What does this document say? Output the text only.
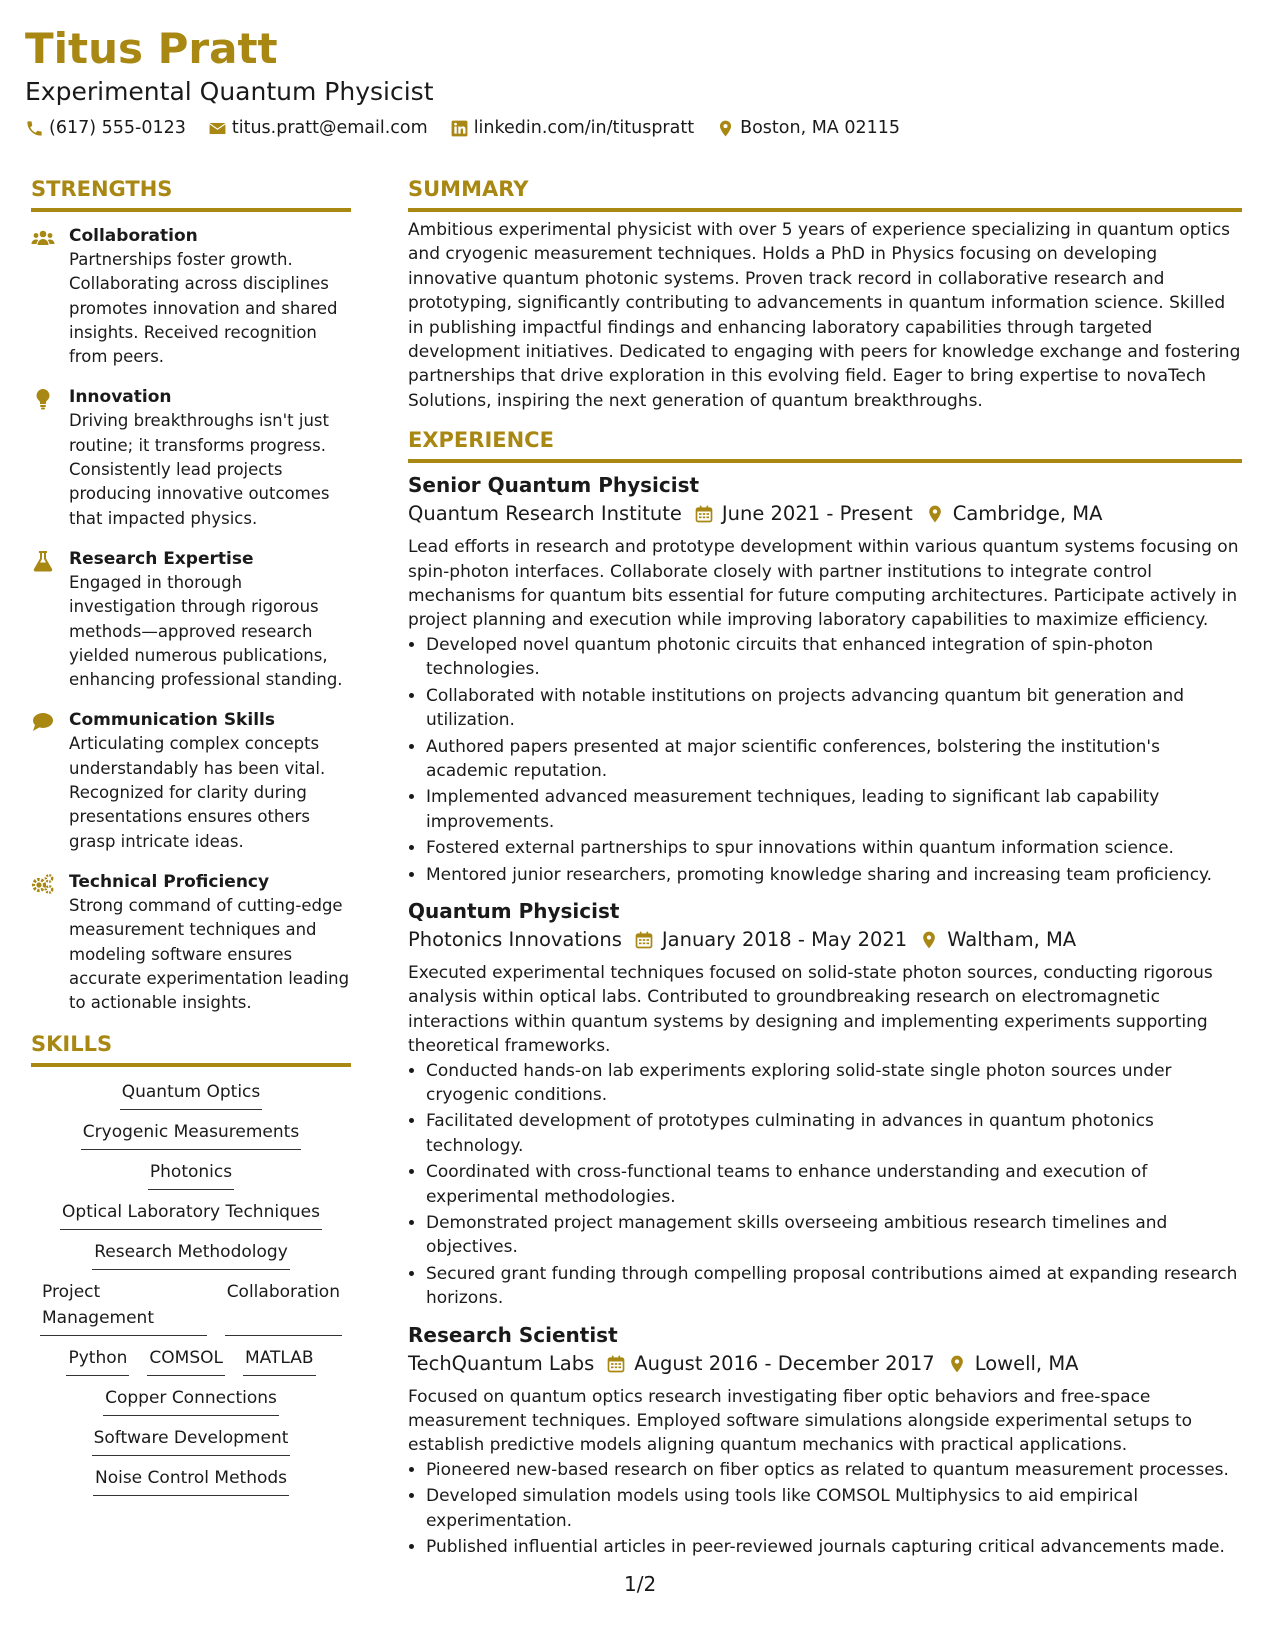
Titus Pratt

Experimental Quantum Physicist

(617) 555-0123	titus.pratt@email.com	linkedin.com/in/tituspratt	Boston, MA 02115
STRENGTHS
Collaboration
Partnerships foster growth. Collaborating across disciplines promotes innovation and shared insights. Received recognition from peers.
Innovation
Driving breakthroughs isn't just routine; it transforms progress. Consistently lead projects producing innovative outcomes that impacted physics.
Research Expertise
Engaged in thorough investigation through rigorous methods—approved research yielded numerous publications, enhancing professional standing.
Communication Skills
Articulating complex concepts understandably has been vital. Recognized for clarity during presentations ensures others grasp intricate ideas.
Technical Proficiency
Strong command of cutting-edge measurement techniques and modeling software ensures accurate experimentation leading to actionable insights.
SKILLS
Quantum Optics
Cryogenic Measurements
Photonics
Optical Laboratory Techniques
Research Methodology
Project Management
Collaboration
Python COMSOL MATLAB
Copper Connections
Software Development
Noise Control Methods
SUMMARY

Ambitious experimental physicist with over 5 years of experience specializing in quantum optics and cryogenic measurement techniques. Holds a PhD in Physics focusing on developing innovative quantum photonic systems. Proven track record in collaborative research and prototyping, significantly contributing to advancements in quantum information science. Skilled in publishing impactful findings and enhancing laboratory capabilities through targeted development initiatives. Dedicated to engaging with peers for knowledge exchange and fostering partnerships that drive exploration in this evolving field. Eager to bring expertise to novaTech Solutions, inspiring the next generation of quantum breakthroughs.

EXPERIENCE
Senior Quantum Physicist
Quantum Research Institute June 2021 - Present Cambridge, MA
Lead efforts in research and prototype development within various quantum systems focusing on spin-photon interfaces. Collaborate closely with partner institutions to integrate control mechanisms for quantum bits essential for future computing architectures. Participate actively in project planning and execution while improving laboratory capabilities to maximize efficiency.
• Developed novel quantum photonic circuits that enhanced integration of spin-photon technologies.
• Collaborated with notable institutions on projects advancing quantum bit generation and utilization.
• Authored papers presented at major scientific conferences, bolstering the institution's academic reputation.
• Implemented advanced measurement techniques, leading to significant lab capability improvements.
• Fostered external partnerships to spur innovations within quantum information science.
• Mentored junior researchers, promoting knowledge sharing and increasing team proficiency.
Quantum Physicist
Photonics Innovations January 2018 - May 2021 Waltham, MA
Executed experimental techniques focused on solid-state photon sources, conducting rigorous analysis within optical labs. Contributed to groundbreaking research on electromagnetic interactions within quantum systems by designing and implementing experiments supporting theoretical frameworks.
• Conducted hands-on lab experiments exploring solid-state single photon sources under cryogenic conditions.
• Facilitated development of prototypes culminating in advances in quantum photonics technology.
• Coordinated with cross-functional teams to enhance understanding and execution of experimental methodologies.
• Demonstrated project management skills overseeing ambitious research timelines and objectives.
• Secured grant funding through compelling proposal contributions aimed at expanding research horizons.
Research Scientist
TechQuantum Labs August 2016 - December 2017 Lowell, MA
Focused on quantum optics research investigating fiber optic behaviors and free-space measurement techniques. Employed software simulations alongside experimental setups to establish predictive models aligning quantum mechanics with practical applications.
• Pioneered new-based research on fiber optics as related to quantum measurement processes.
• Developed simulation models using tools like COMSOL Multiphysics to aid empirical experimentation.
• Published influential articles in peer-reviewed journals capturing critical advancements made.
1/2
